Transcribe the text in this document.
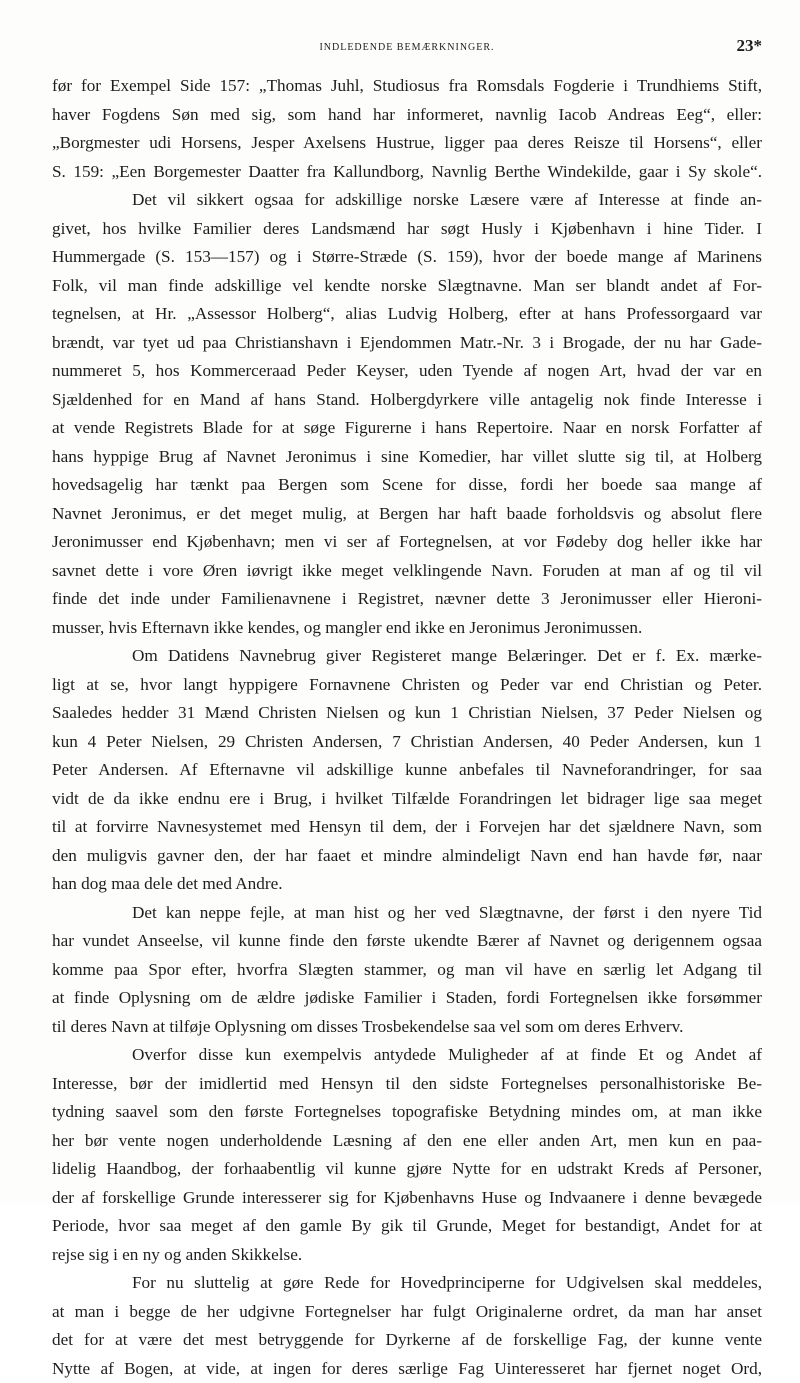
INDLEDENDE BEMÆRKNINGER.	23*
før for Exempel Side 157: „Thomas Juhl, Studiosus fra Romsdals Fogderie i Trundhiems Stift,
haver Fogdens Søn med sig, som hand har informeret, navnlig Iacob Andreas Eeg“, eller:
„Borgmester udi Horsens, Jesper Axelsens Hustrue, ligger paa deres Reisze til Horsens“, eller
S. 159: „Een Borgemester Daatter fra Kallundborg, Navnlig Berthe Windekilde, gaar i Sy skole“.
Det vil sikkert ogsaa for adskillige norske Læsere være af Interesse at finde an-
givet, hos hvilke Familier deres Landsmænd har søgt Husly i Kjøbenhavn i hine Tider. I
Hummergade (S. 153—157) og i Større-Stræde (S. 159), hvor der boede mange af Marinens
Folk, vil man finde adskillige vel kendte norske Slægtnavne. Man ser blandt andet af For-
tegnelsen, at Hr. „Assessor Holberg“, alias Ludvig Holberg, efter at hans Professorgaard var
brændt, var tyet ud paa Christianshavn i Ejendommen Matr.-Nr. 3 i Brogade, der nu har Gade-
nummeret 5, hos Kommerceraad Peder Keyser, uden Tyende af nogen Art, hvad der var en
Sjældenhed for en Mand af hans Stand. Holbergdyrkere ville antagelig nok finde Interesse i
at vende Registrets Blade for at søge Figurerne i hans Repertoire. Naar en norsk Forfatter af
hans hyppige Brug af Navnet Jeronimus i sine Komedier, har villet slutte sig til, at Holberg
hovedsagelig har tænkt paa Bergen som Scene for disse, fordi her boede saa mange af
Navnet Jeronimus, er det meget mulig, at Bergen har haft baade forholdsvis og absolut flere
Jeronimusser end Kjøbenhavn; men vi ser af Fortegnelsen, at vor Fødeby dog heller ikke har
savnet dette i vore Øren iøvrigt ikke meget velklingende Navn. Foruden at man af og til vil
finde det inde under Familienavnene i Registret, nævner dette 3 Jeronimusser eller Hieroni-
musser, hvis Efternavn ikke kendes, og mangler end ikke en Jeronimus Jeronimussen.
Om Datidens Navnebrug giver Registeret mange Belæringer. Det er f. Ex. mærke-
ligt at se, hvor langt hyppigere Fornavnene Christen og Peder var end Christian og Peter.
Saaledes hedder 31 Mænd Christen Nielsen og kun 1 Christian Nielsen, 37 Peder Nielsen og
kun 4 Peter Nielsen, 29 Christen Andersen, 7 Christian Andersen, 40 Peder Andersen, kun 1
Peter Andersen. Af Efternavne vil adskillige kunne anbefales til Navneforandringer, for saa
vidt de da ikke endnu ere i Brug, i hvilket Tilfælde Forandringen let bidrager lige saa meget
til at forvirre Navnesystemet med Hensyn til dem, der i Forvejen har det sjældnere Navn, som
den muligvis gavner den, der har faaet et mindre almindeligt Navn end han havde før, naar
han dog maa dele det med Andre.
Det kan neppe fejle, at man hist og her ved Slægtnavne, der først i den nyere Tid
har vundet Anseelse, vil kunne finde den første ukendte Bærer af Navnet og derigennem ogsaa
komme paa Spor efter, hvorfra Slægten stammer, og man vil have en særlig let Adgang til
at finde Oplysning om de ældre jødiske Familier i Staden, fordi Fortegnelsen ikke forsømmer
til deres Navn at tilføje Oplysning om disses Trosbekendelse saa vel som om deres Erhverv.
Overfor disse kun exempelvis antydede Muligheder af at finde Et og Andet af
Interesse, bør der imidlertid med Hensyn til den sidste Fortegnelses personalhistoriske Be-
tydning saavel som den første Fortegnelses topografiske Betydning mindes om, at man ikke
her bør vente nogen underholdende Læsning af den ene eller anden Art, men kun en paa-
lidelig Haandbog, der forhaabentlig vil kunne gjøre Nytte for en udstrakt Kreds af Personer,
der af forskellige Grunde interesserer sig for Kjøbenhavns Huse og Indvaanere i denne bevægede
Periode, hvor saa meget af den gamle By gik til Grunde, Meget for bestandigt, Andet for at
rejse sig i en ny og anden Skikkelse.
For nu sluttelig at gøre Rede for Hovedprinciperne for Udgivelsen skal meddeles,
at man i begge de her udgivne Fortegnelser har fulgt Originalerne ordret, da man har anset
det for at være det mest betryggende for Dyrkerne af de forskellige Fag, der kunne vente
Nytte af Bogen, at vide, at ingen for deres særlige Fag Uinteresseret har fjernet noget Ord,
